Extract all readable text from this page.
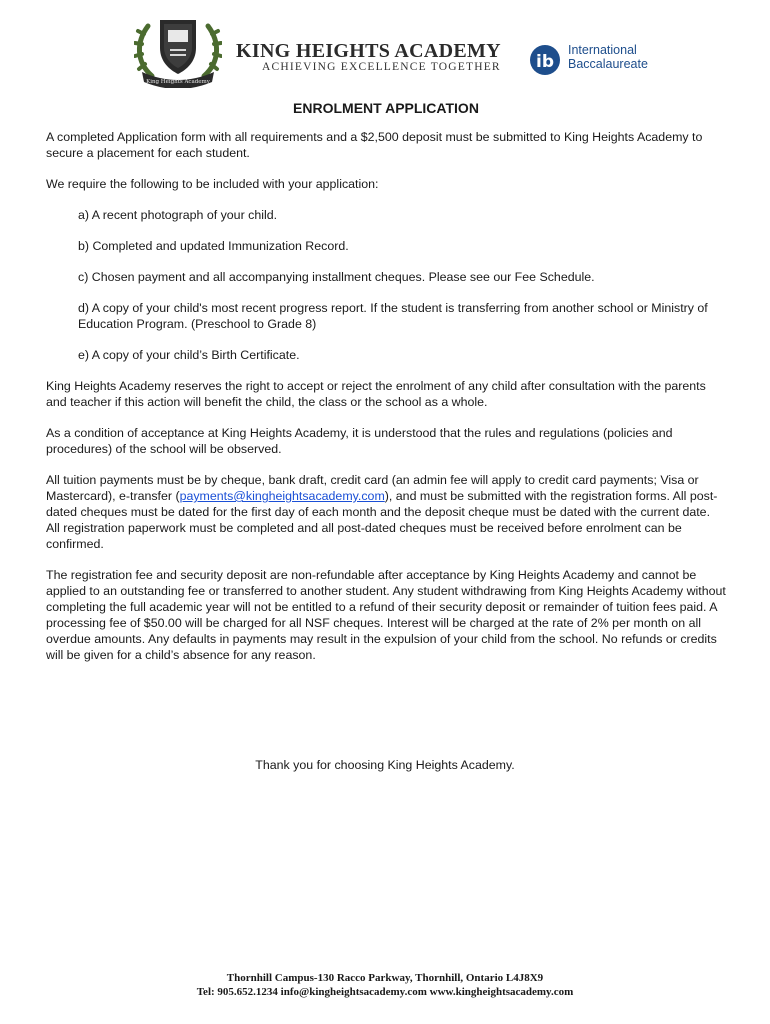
King Heights Academy
KING HEIGHTS ACADEMY
ACHIEVING EXCELLENCE TOGETHER ib
International
Baccalaureate
ENROLMENT APPLICATION

A completed Application form with all requirements and a $2,500 deposit must be submitted to King Heights Academy to secure a placement for each student.

We require the following to be included with your application:

a) A recent photograph of your child.

b) Completed and updated Immunization Record.

c) Chosen payment and all accompanying installment cheques. Please see our Fee Schedule.

d) A copy of your child's most recent progress report. If the student is transferring from another school or Ministry of Education Program. (Preschool to Grade 8)

e) A copy of your child’s Birth Certificate.

King Heights Academy reserves the right to accept or reject the enrolment of any child after consultation with the parents and teacher if this action will benefit the child, the class or the school as a whole.

As a condition of acceptance at King Heights Academy, it is understood that the rules and regulations (policies and procedures) of the school will be observed.

All tuition payments must be by cheque, bank draft, credit card (an admin fee will apply to credit card payments; Visa or Mastercard), e-transfer (payments@kingheightsacademy.com), and must be submitted with the registration forms. All post-dated cheques must be dated for the first day of each month and the deposit cheque must be dated with the current date. All registration paperwork must be completed and all post-dated cheques must be received before enrolment can be confirmed.

The registration fee and security deposit are non-refundable after acceptance by King Heights Academy and cannot be applied to an outstanding fee or transferred to another student. Any student withdrawing from King Heights Academy without completing the full academic year will not be entitled to a refund of their security deposit or remainder of tuition fees paid. A processing fee of $50.00 will be charged for all NSF cheques. Interest will be charged at the rate of 2% per month on all overdue amounts. Any defaults in payments may result in the expulsion of your child from the school. No refunds or credits will be given for a child’s absence for any reason.

Thank you for choosing King Heights Academy.
Thornhill Campus-130 Racco Parkway, Thornhill, Ontario L4J8X9
Tel: 905.652.1234 info@kingheightsacademy.com www.kingheightsacademy.com
